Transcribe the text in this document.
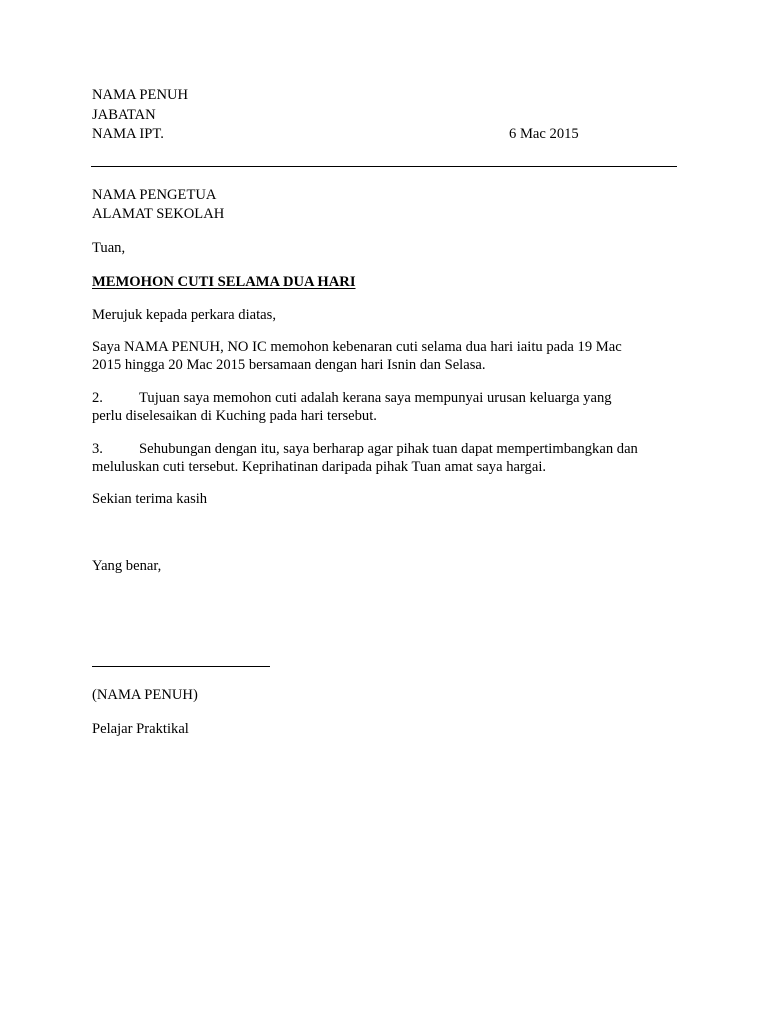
NAMA PENUH
JABATAN
NAMA IPT.	6 Mac 2015
NAMA PENGETUA
ALAMAT SEKOLAH
Tuan,
MEMOHON CUTI SELAMA DUA HARI
Merujuk kepada perkara diatas,
Saya NAMA PENUH, NO IC memohon kebenaran cuti selama dua hari iaitu pada 19 Mac
2015 hingga 20 Mac 2015 bersamaan dengan hari Isnin dan Selasa.
2. Tujuan saya memohon cuti adalah kerana saya mempunyai urusan keluarga yang
perlu diselesaikan di Kuching pada hari tersebut.
3. Sehubungan dengan itu, saya berharap agar pihak tuan dapat mempertimbangkan dan
meluluskan cuti tersebut. Keprihatinan daripada pihak Tuan amat saya hargai.
Sekian terima kasih
Yang benar,
(NAMA PENUH)
Pelajar Praktikal
